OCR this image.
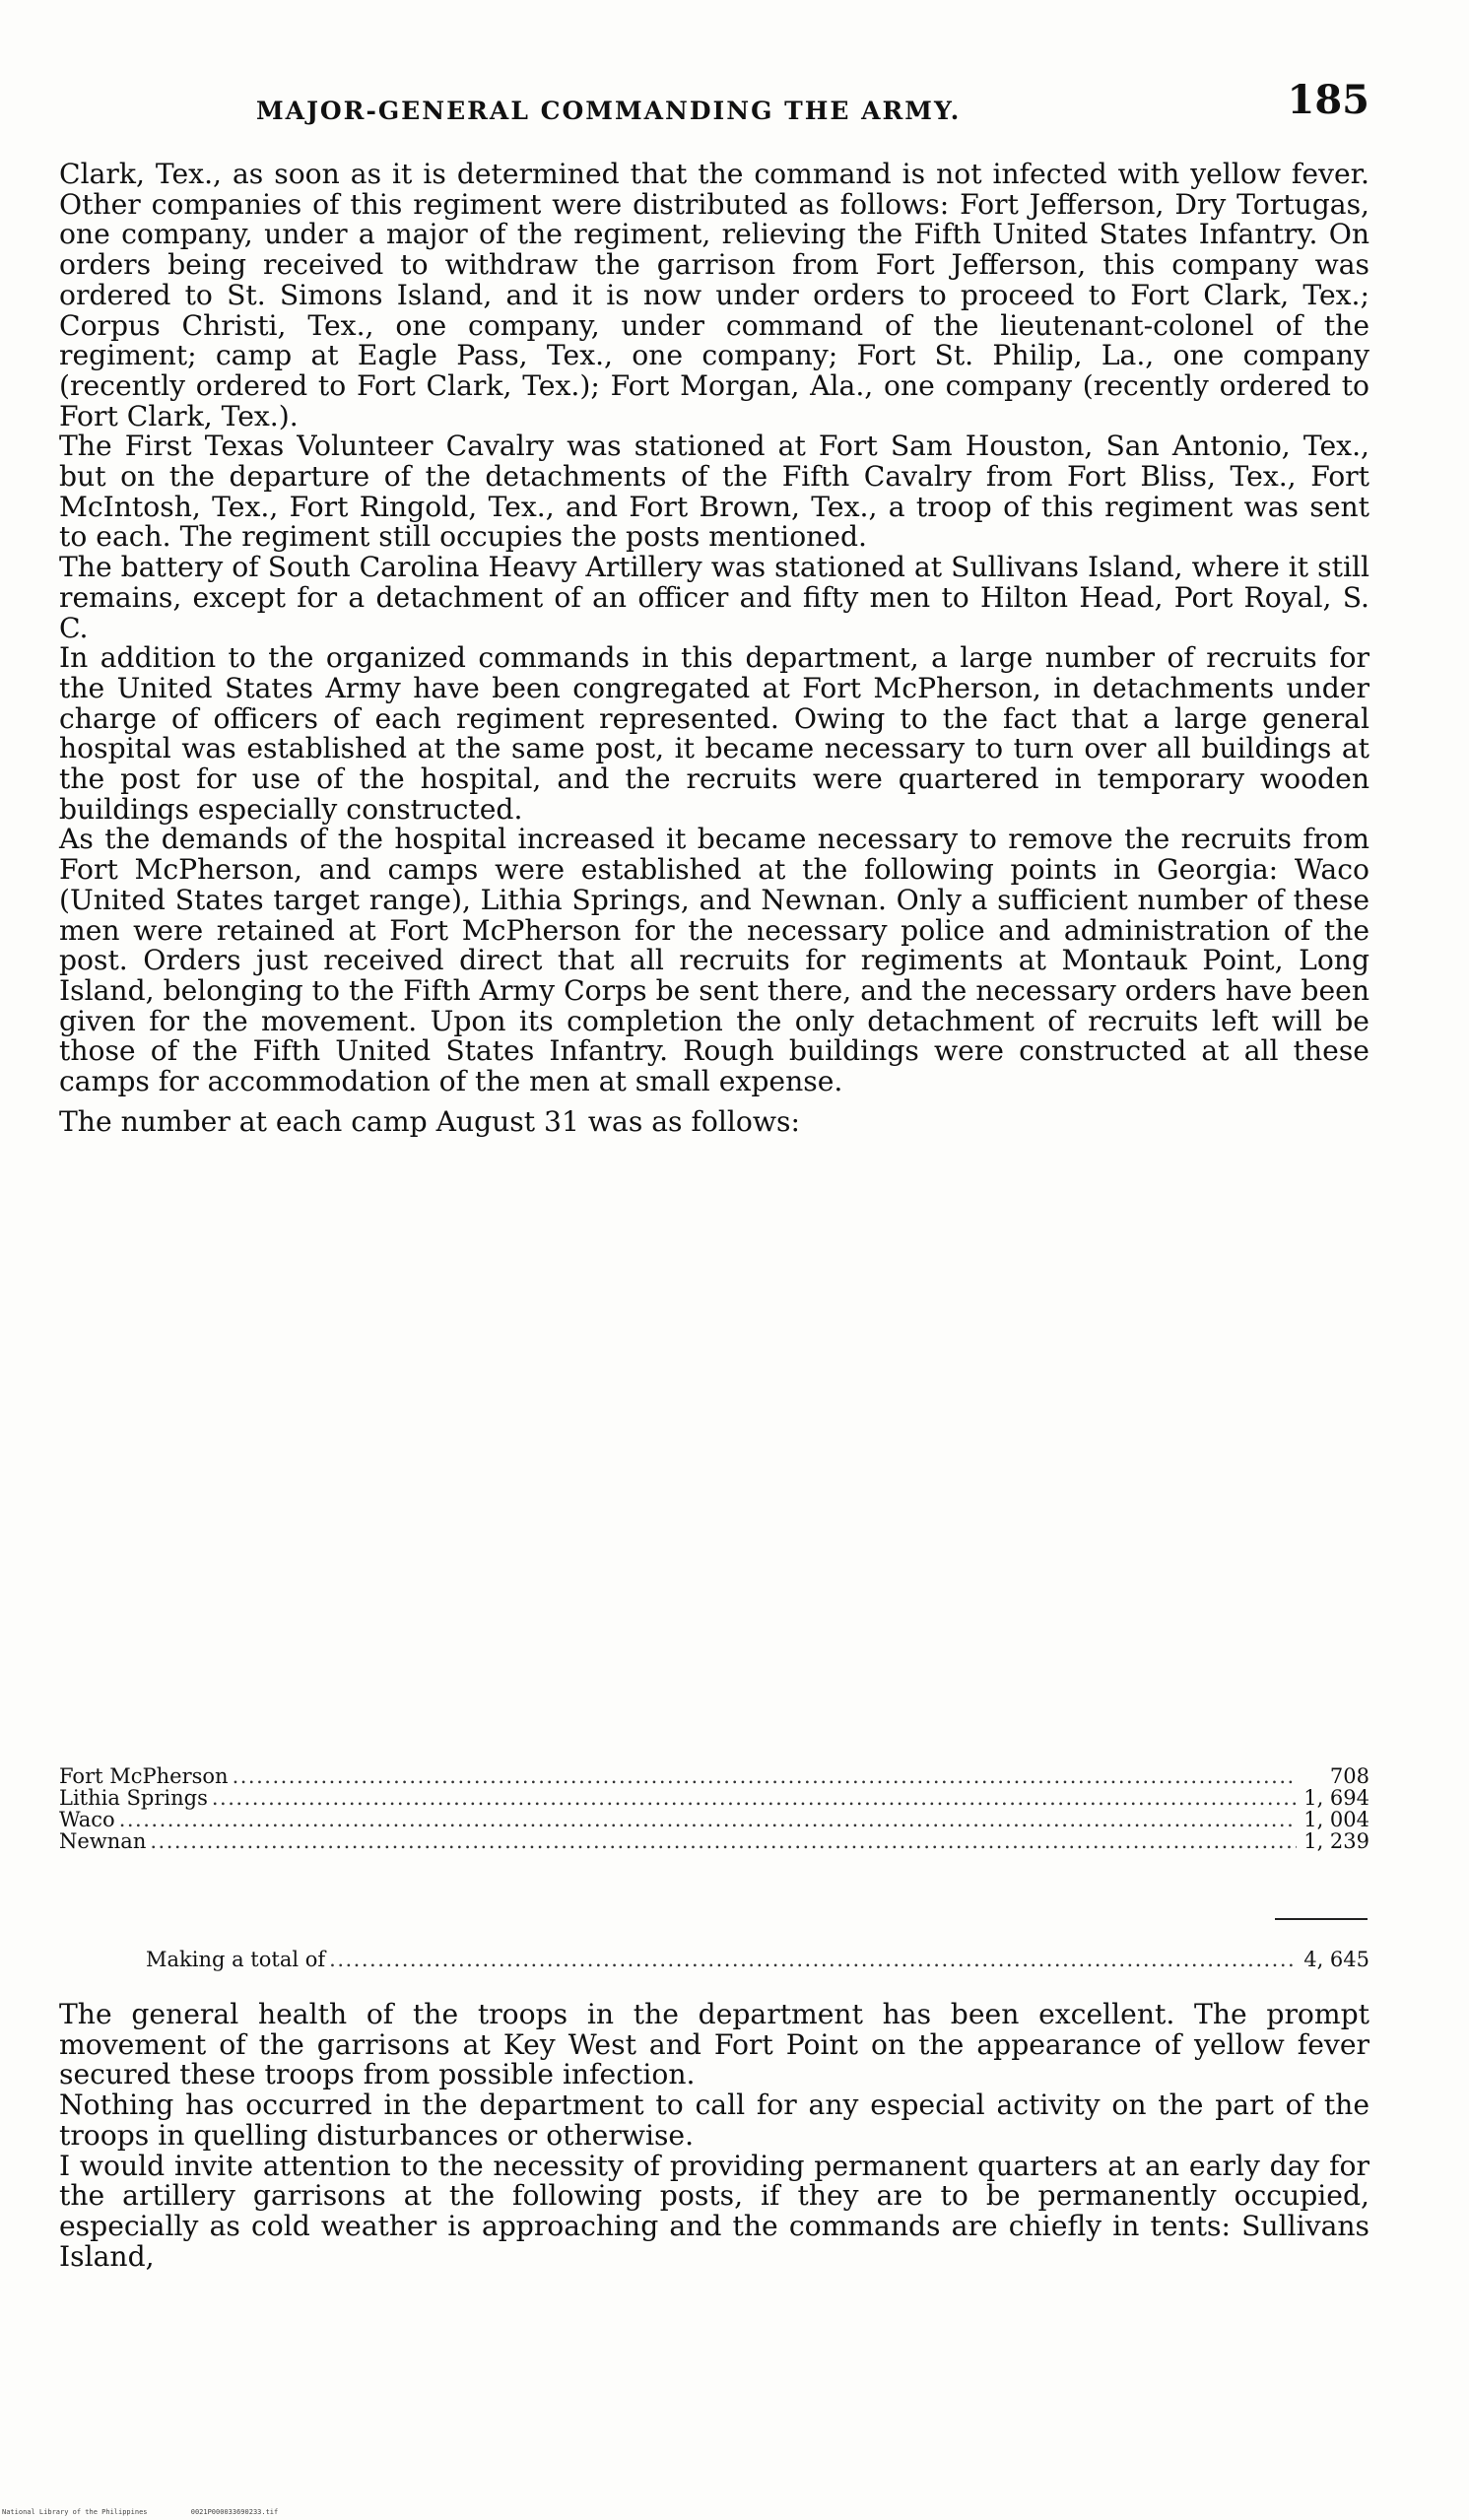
MAJOR-GENERAL COMMANDING THE ARMY.	185

Clark, Tex., as soon as it is determined that the command is not infected with yellow fever. Other companies of this regiment were distributed as follows: Fort Jefferson, Dry Tortugas, one company, under a major of the regiment, relieving the Fifth United States Infantry. On orders being received to withdraw the garrison from Fort Jefferson, this company was ordered to St. Simons Island, and it is now under orders to proceed to Fort Clark, Tex.; Corpus Christi, Tex., one company, under command of the lieutenant-colonel of the regiment; camp at Eagle Pass, Tex., one company; Fort St. Philip, La., one company (recently ordered to Fort Clark, Tex.); Fort Morgan, Ala., one company (recently ordered to Fort Clark, Tex.).

The First Texas Volunteer Cavalry was stationed at Fort Sam Houston, San Antonio, Tex., but on the departure of the detachments of the Fifth Cavalry from Fort Bliss, Tex., Fort McIntosh, Tex., Fort Ringold, Tex., and Fort Brown, Tex., a troop of this regiment was sent to each. The regiment still occupies the posts mentioned.

The battery of South Carolina Heavy Artillery was stationed at Sullivans Island, where it still remains, except for a detachment of an officer and fifty men to Hilton Head, Port Royal, S. C.

In addition to the organized commands in this department, a large number of recruits for the United States Army have been congregated at Fort McPherson, in detachments under charge of officers of each regiment represented. Owing to the fact that a large general hospital was established at the same post, it became necessary to turn over all buildings at the post for use of the hospital, and the recruits were quartered in temporary wooden buildings especially constructed.

As the demands of the hospital increased it became necessary to remove the recruits from Fort McPherson, and camps were established at the following points in Georgia: Waco (United States target range), Lithia Springs, and Newnan. Only a sufficient number of these men were retained at Fort McPherson for the necessary police and administration of the post. Orders just received direct that all recruits for regiments at Montauk Point, Long Island, belonging to the Fifth Army Corps be sent there, and the necessary orders have been given for the movement. Upon its completion the only detachment of recruits left will be those of the Fifth United States Infantry. Rough buildings were constructed at all these camps for accommodation of the men at small expense.

The number at each camp August 31 was as follows:

Fort McPherson .....	708
Lithia Springs .....	1, 694
Waco .....	1, 004
Newnan .....	1, 239
Making a total of .....	4, 645

The general health of the troops in the department has been excellent. The prompt movement of the garrisons at Key West and Fort Point on the appearance of yellow fever secured these troops from possible infection.

Nothing has occurred in the department to call for any especial activity on the part of the troops in quelling disturbances or otherwise.

I would invite attention to the necessity of providing permanent quarters at an early day for the artillery garrisons at the following posts, if they are to be permanently occupied, especially as cold weather is approaching and the commands are chiefly in tents: Sullivans Island,

National Library of the Philippines	0021P000033690233.tif
